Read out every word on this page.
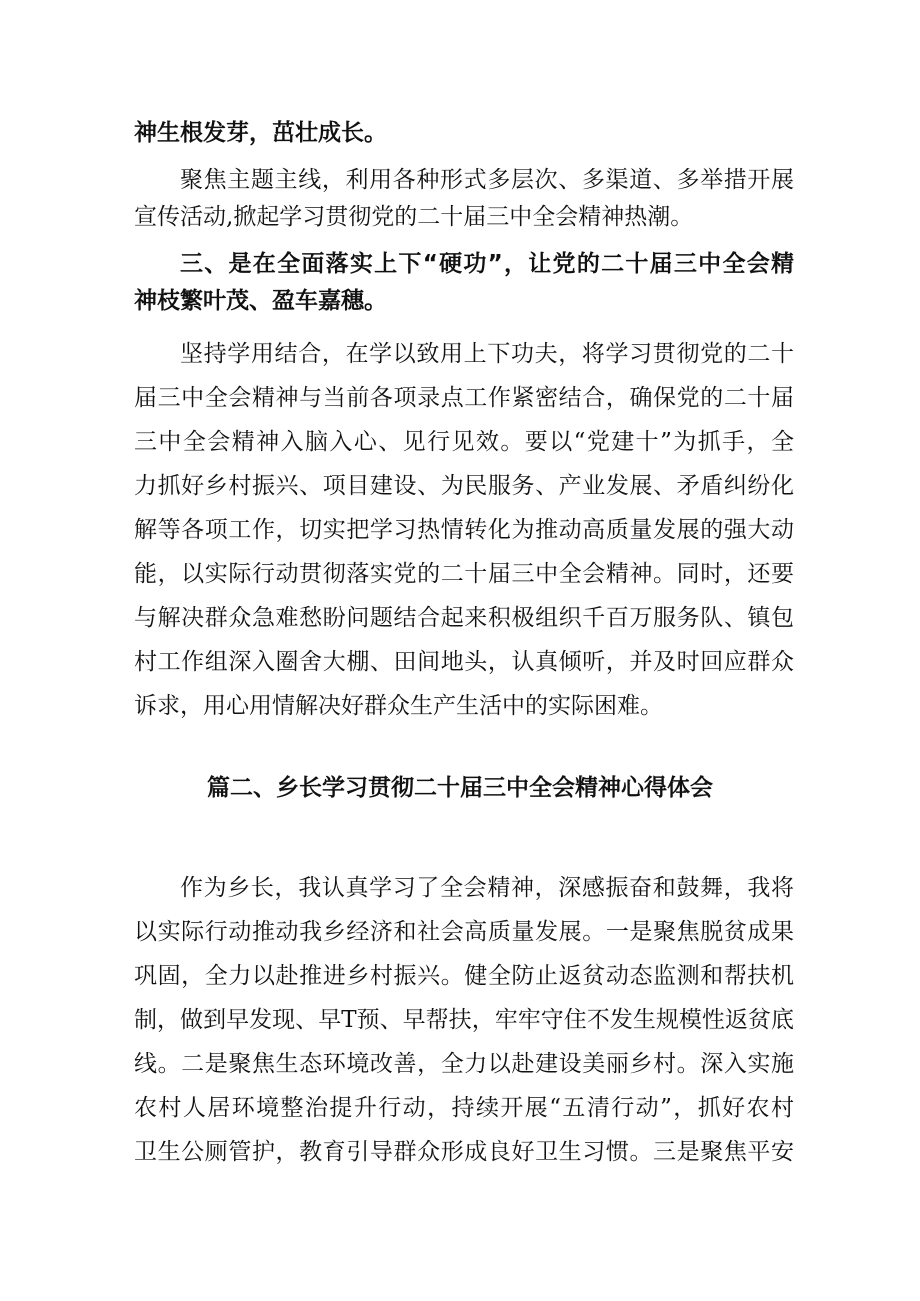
神生根发芽，茁壮成长。
聚焦主题主线，利用各种形式多层次、多渠道、多举措开展
宣传活动,掀起学习贯彻党的二十届三中全会精神热潮。
三、是在全面落实上下“硬功”，让党的二十届三中全会精
神枝繁叶茂、盈车嘉穗。
坚持学用结合，在学以致用上下功夫，将学习贯彻党的二十
届三中全会精神与当前各项录点工作紧密结合，确保党的二十届
三中全会精神入脑入心、见行见效。要以“党建十”为抓手，全
力抓好乡村振兴、项目建设、为民服务、产业发展、矛盾纠纷化
解等各项工作，切实把学习热情转化为推动高质量发展的强大动
能，以实际行动贯彻落实党的二十届三中全会精神。同时，还要
与解决群众急难愁盼问题结合起来积极组织千百万服务队、镇包
村工作组深入圈舍大棚、田间地头，认真倾听，并及时回应群众
诉求，用心用情解决好群众生产生活中的实际困难。
篇二、乡长学习贯彻二十届三中全会精神心得体会
作为乡长，我认真学习了全会精神，深感振奋和鼓舞，我将
以实际行动推动我乡经济和社会高质量发展。一是聚焦脱贫成果
巩固，全力以赴推进乡村振兴。健全防止返贫动态监测和帮扶机
制，做到早发现、早T预、早帮扶，牢牢守住不发生规模性返贫底
线。二是聚焦生态环境改善，全力以赴建设美丽乡村。深入实施
农村人居环境整治提升行动，持续开展“五清行动”，抓好农村
卫生公厕管护，教育引导群众形成良好卫生习惯。三是聚焦平安
